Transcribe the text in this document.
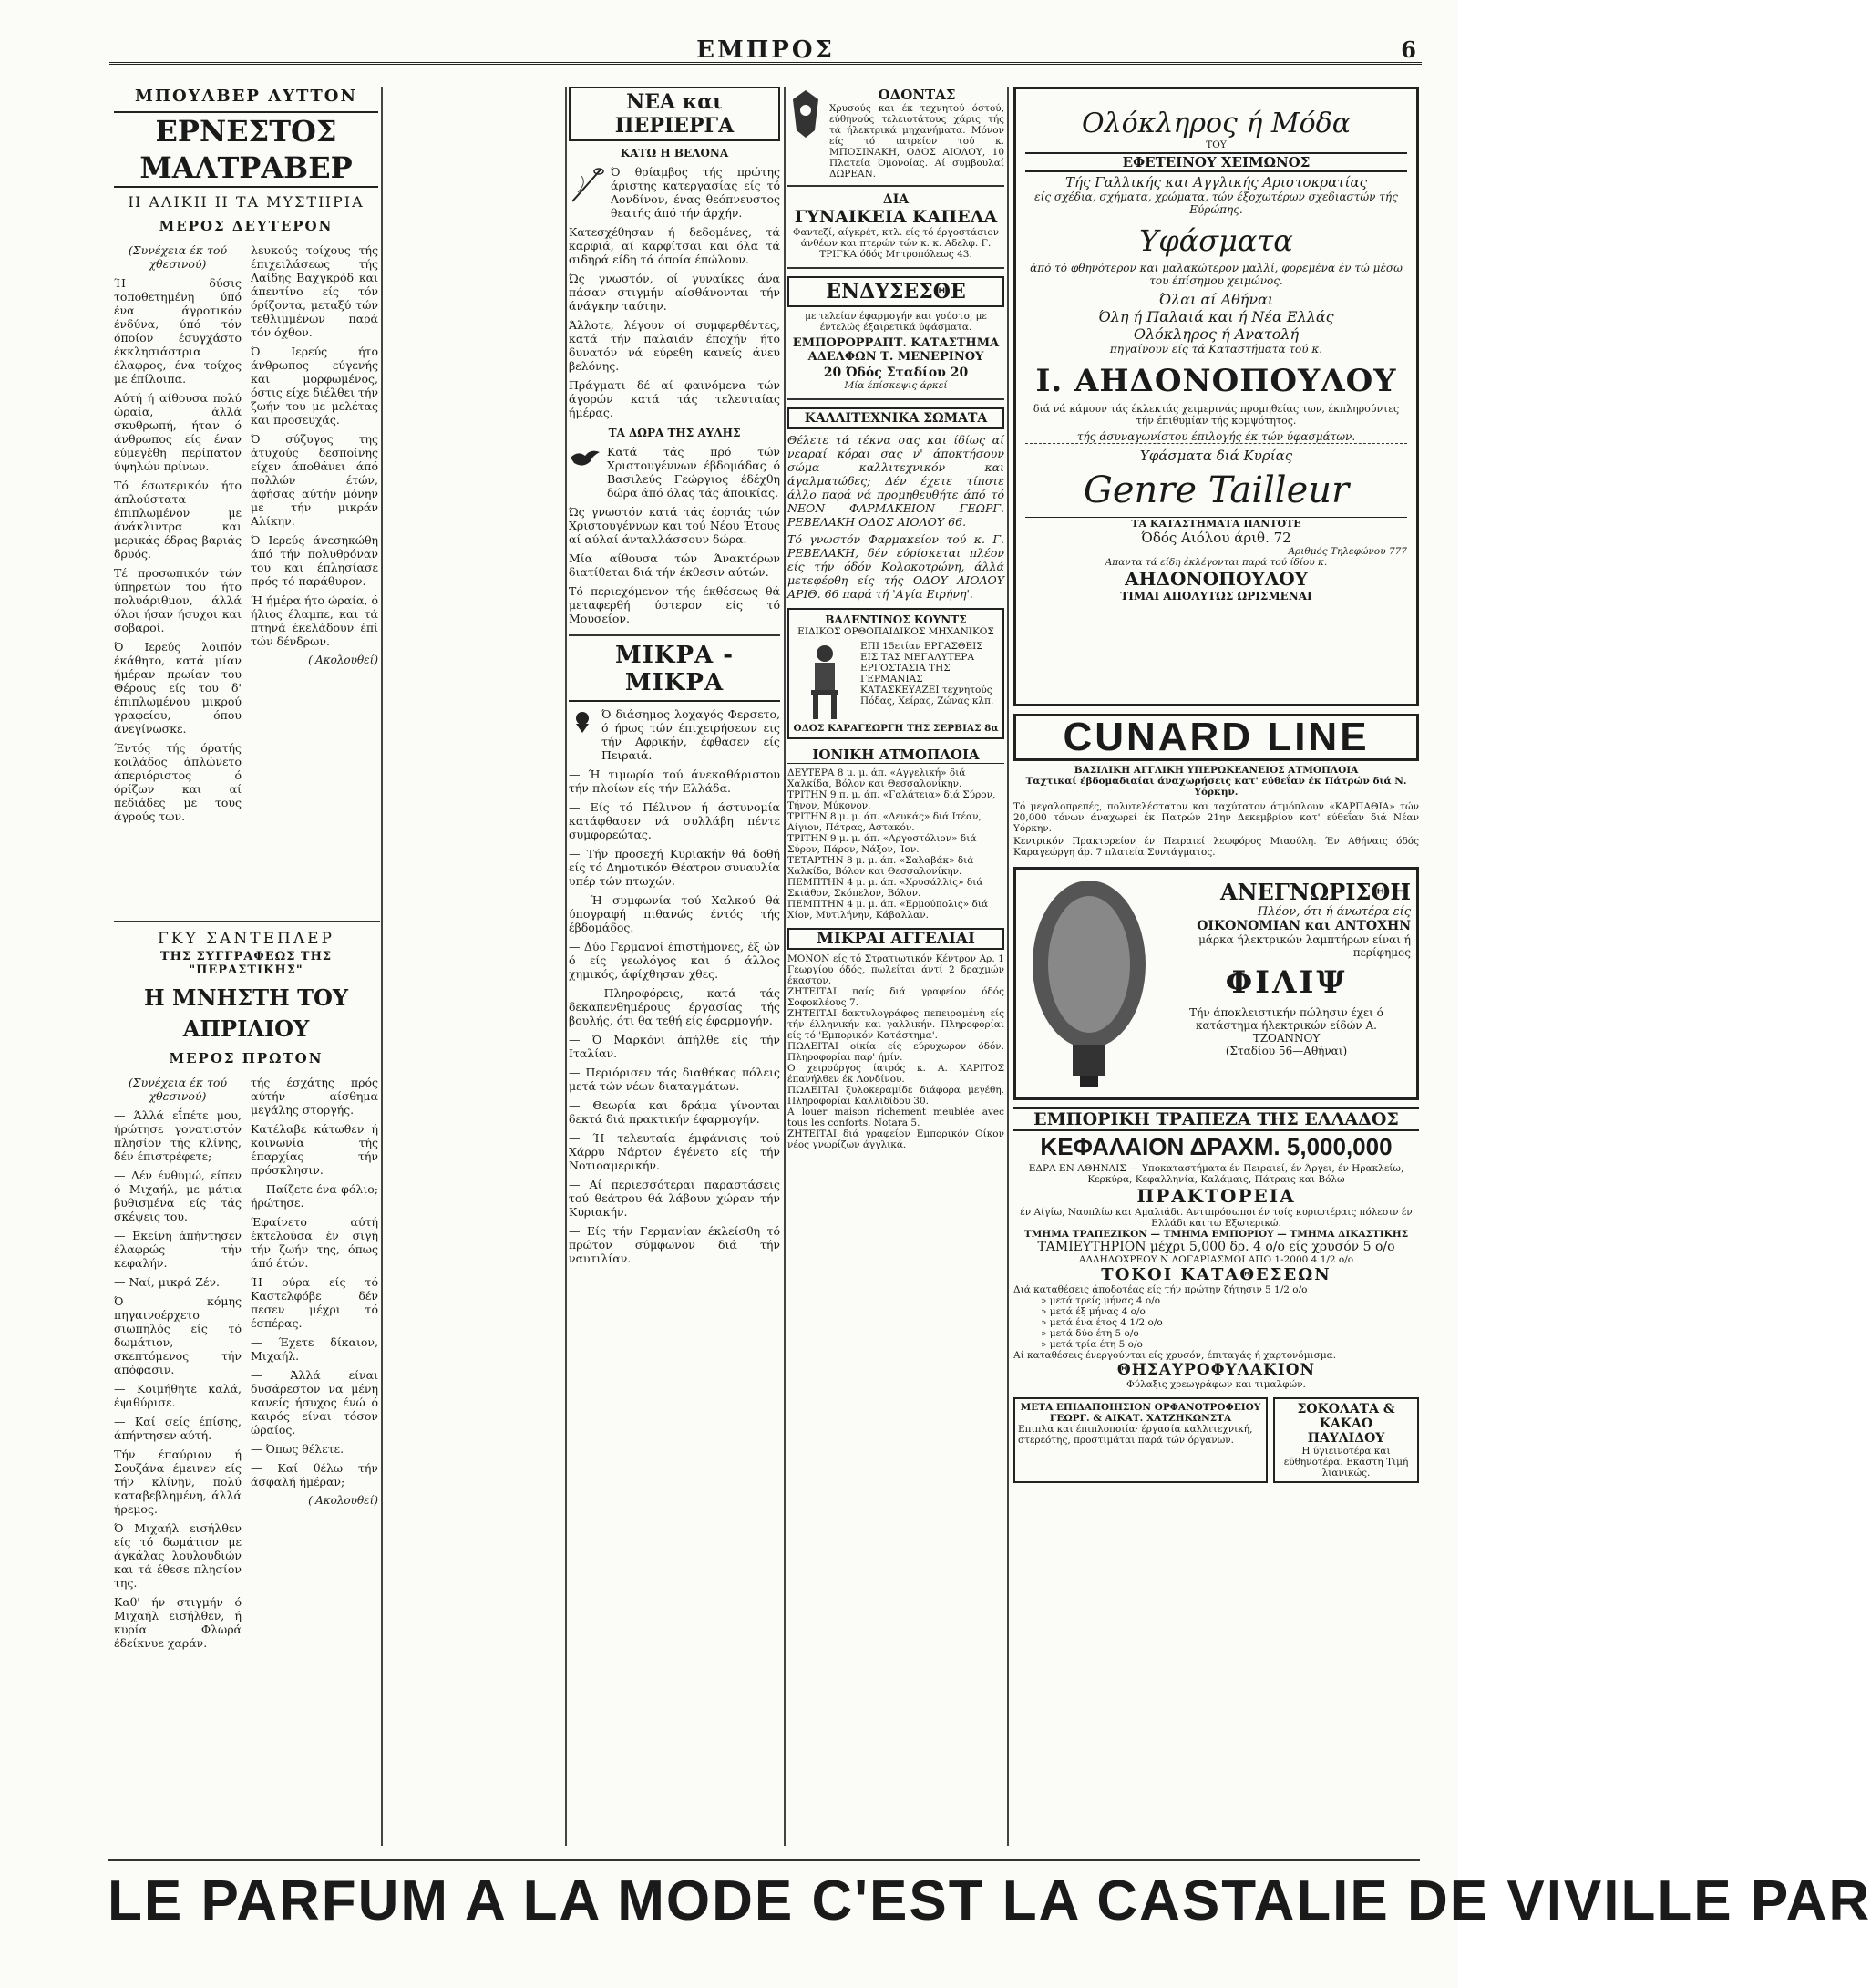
ΕΜΠΡΟΣ	6
ΜΠΟΥΛΒΕΡ ΛΥΤΤΟΝ
ΕΡΝΕΣΤΟΣ ΜΑΛΤΡΑΒΕΡ
Η ΑΛΙΚΗ Η ΤΑ ΜΥΣΤΗΡΙΑ
ΜΕΡΟΣ ΔΕΥΤΕΡΟΝ
(Συνέχεια έκ τού χθεσινού)

Ή δύσις τοποθετημένη ύπό ένα άγροτικόν ένδύνα, ύπό τόν όποίον έσυγχάστο έκκλησιάστρια έλαφρος, ένα τοίχος με έπίλοιπα.

Αύτή ή αίθουσα πολύ ώραία, άλλά σκυθρωπή, ήταν ό άνθρωπος είς έναν εύμεγέθη περίπατον ύψηλών πρίνων.

Τό έσωτερικόν ήτο άπλούστατα έπιπλωμένον με άνάκλιντρα και μερικάς έδρας βαριάς δρυός.

Τέ προσωπικόν τών ύπηρετών του ήτο πολυάριθμον, άλλά όλοι ήσαν ήσυχοι και σοβαροί.

Ό Ιερεύς λοιπόν έκάθητο, κατά μίαν ήμέραν πρωίαν του Θέρους είς του δ' έπιπλωμένου μικρού γραφείου, όπου άνεγίνωσκε.

Έντός τής όρατής κοιλάδος άπλώνετο άπεριόριστος ό όρίζων και αί πεδιάδες με τους άγρούς των.

λευκούς τοίχους τής έπιχειλάσεως τής Λαίδης Βαχγκρόδ και άπεντίνο είς τόν όρίζοντα, μεταξύ τών τεθλιμμένων παρά τόν όχθον.

Ό Ιερεύς ήτο άνθρωπος εύγενής και μορφωμένος, όστις είχε διέλθει τήν ζωήν του με μελέτας και προσευχάς.

Ό σύζυγος της άτυχούς δεσποίνης είχεν άποθάνει άπό πολλών έτών, άφήσας αύτήν μόνην με τήν μικράν Αλίκην.

Ό Ιερεύς άνεσηκώθη άπό τήν πολυθρόναν του και έπλησίασε πρός τό παράθυρον.

Ή ήμέρα ήτο ώραία, ό ήλιος έλαμπε, και τά πτηνά έκελάδουν έπί τών δένδρων.

('Ακολουθεί)
ΓΚΥ ΣΑΝΤΕΠΛΕΡ
ΤΗΣ ΣΥΓΓΡΑΦΕΩΣ ΤΗΣ "ΠΕΡΑΣΤΙΚΗΣ"
Η ΜΝΗΣΤΗ ΤΟΥ ΑΠΡΙΛΙΟΥ
ΜΕΡΟΣ ΠΡΩΤΟΝ
(Συνέχεια έκ τού χθεσινού)

— Άλλά εΐπέτε μου, ήρώτησε γονατιστόν πλησίον τής κλίνης, δέν έπιστρέφετε;

— Δέν ένθυμώ, είπεν ό Μιχαήλ, με μάτια βυθισμένα είς τάς σκέψεις του.

— Εκείνη άπήντησεν έλαφρώς τήν κεφαλήν.

— Ναί, μικρά Ζέν.

Ό κόμης πηγαινοέρχετο σιωπηλός είς τό δωμάτιον, σκεπτόμενος τήν απόφασιν.

— Κοιμήθητε καλά, έψιθύρισε.

— Καί σείς έπίσης, άπήντησεν αύτή.

Τήν έπαύριον ή Σουζάνα έμεινεν είς τήν κλίνην, πολύ καταβεβλημένη, άλλά ήρεμος.

Ό Μιχαήλ εισήλθεν είς τό δωμάτιον με άγκάλας λουλουδιών και τά έθεσε πλησίον της.

Καθ' ήν στιγμήν ό Μιχαήλ εισήλθεν, ή κυρία Φλωρά έδείκνυε χαράν.

τής έσχάτης πρός αύτήν αίσθημα μεγάλης στοργής.

Κατέλαβε κάτωθεν ή κοινωνία τής έπαρχίας τήν πρόσκλησιν.

— Παίζετε ένα φόλιο; ήρώτησε.

Έφαίνετο αύτή έκτελούσα έν σιγή τήν ζωήν της, όπως άπό έτών.

Ή ούρα είς τό Καστελφόβε δέν πεσεν μέχρι τό έσπέρας.

— Έχετε δίκαιον, Μιχαήλ.

— Άλλά είναι δυσάρεστον να μένη κανείς ήσυχος ένώ ό καιρός είναι τόσον ώραίος.

— Όπως θέλετε.

— Καί θέλω τήν άσφαλή ήμέραν;

('Ακολουθεί)
ΝΕΑ και ΠΕΡΙΕΡΓΑ
ΚΑΤΩ Η ΒΕΛΟΝΑ

Ό θρίαμβος τής πρώτης άριστης κατεργασίας είς τό Λονδίνον, ένας θεόπνευστος θεατής άπό τήν άρχήν.

Κατεσχέθησαν ή δεδομένες, τά καρφιά, αί καρφίτσαι και όλα τά σιδηρά είδη τά όποία έπώλουν.

Ώς γνωστόν, οί γυναίκες άνα πάσαν στιγμήν αίσθάνονται τήν άνάγκην ταύτην.

Άλλοτε, λέγουν οί συμφερθέντες, κατά τήν παλαιάν έποχήν ήτο δυνατόν νά εύρεθη κανείς άνευ βελόνης.

Πράγματι δέ αί φαινόμενα τών άγορών κατά τάς τελευταίας ήμέρας.

ΤΑ ΔΩΡΑ ΤΗΣ ΑΥΛΗΣ

Κατά τάς πρό τών Χριστουγέννων έβδομάδας ό Βασιλεύς Γεώργιος έδέχθη δώρα άπό όλας τάς άποικίας.

Ώς γνωστόν κατά τάς έορτάς τών Χριστουγέννων και τού Νέου Έτους αί αύλαί άνταλλάσσουν δώρα.

Μία αίθουσα τών Άνακτόρων διατίθεται διά τήν έκθεσιν αύτών.

Τό περιεχόμενον τής έκθέσεως θά μεταφερθή ύστερον είς τό Μουσείον.

ΜΙΚΡΑ - ΜΙΚΡΑ

Ό διάσημος λοχαγός Φερσετο, ό ήρως τών έπιχειρήσεων εις τήν Αφρικήν, έφθασεν είς Πειραιά.

— Ή τιμωρία τού άνεκαθάριστου τήν πλοίων είς τήν Ελλάδα.

— Είς τό Πέλινον ή άστυνομία κατάφθασεν νά συλλάβη πέντε συμφορεώτας.

— Τήν προσεχή Κυριακήν θά δοθή είς τό Δημοτικόν Θέατρον συναυλία υπέρ τών πτωχών.

— Ή συμφωνία τού Χαλκού θά ύπογραφή πιθανώς έντός τής έβδομάδος.

— Δύο Γερμανοί έπιστήμονες, έξ ών ό είς γεωλόγος και ό άλλος χημικός, άφίχθησαν χθες.

— Πληροφόρεις, κατά τάς δεκαπενθημέρους έργασίας τής βουλής, ότι θα τεθή είς έφαρμογήν.

— Ό Μαρκόνι άπήλθε είς τήν Ιταλίαν.

— Περιόρισεν τάς διαθήκας πόλεις μετά τών νέων διαταγμάτων.

— Θεωρία και δράμα γίνονται δεκτά διά πρακτικήν έφαρμογήν.

— Ή τελευταία έμφάνισις τού Χάρρυ Νάρτον έγένετο είς τήν Νοτιοαμερικήν.

— Αί περιεσσότεραι παραστάσεις τού θεάτρου θά λάβουν χώραν τήν Κυριακήν.

— Είς τήν Γερμανίαν έκλείσθη τό πρώτον σύμφωνον διά τήν ναυτιλίαν.

ΟΔΟΝΤΑΣ
Χρυσούς και έκ τεχνητού όστού, εύθηνούς τελειοτάτους χάρις τής τά ήλεκτρικά μηχανήματα. Μόνον είς τό ιατρείον τού κ. ΜΠΟΣΙΝΑΚΗ, ΟΔΟΣ ΑΙΟΛΟΥ, 10 Πλατεία Όμονοίας. Αί συμβουλαί ΔΩΡΕΑΝ.
ΔΙΑ
ΓΥΝΑΙΚΕΙΑ ΚΑΠΕΛΑ
Φαντεζί, αίγκρέτ, κτλ. είς τό έργοστάσιον άνθέων και πτερών τών κ. κ. Αδελφ. Γ. ΤΡΙΓΚΑ όδός Μητροπόλεως 43.
ΕΝΔΥΣΕΣΘΕ
με τελείαν έφαρμογήν και γούστο, με έντελώς έξαιρετικά ύφάσματα.
ΕΜΠΟΡΟΡΡΑΠΤ. ΚΑΤΑΣΤΗΜΑ ΑΔΕΛΦΩΝ Τ. ΜΕΝΕΡΙΝΟΥ
20 Όδός Σταδίου 20
Μία έπίσκεψις άρκεί
ΚΑΛΛΙΤΕΧΝΙΚΑ ΣΩΜΑΤΑ
Θέλετε τά τέκνα σας και ίδίως αί νεαραί κόραι σας ν' άποκτήσουν σώμα καλλιτεχνικόν και άγαλματώδες; Δέν έχετε τίποτε άλλο παρά νά προμηθευθήτε άπό τό ΝΕΟΝ ΦΑΡΜΑΚΕΙΟΝ ΓΕΩΡΓ. ΡΕΒΕΛΑΚΗ ΟΔΟΣ ΑΙΟΛΟΥ 66.
Τό γνωστόν Φαρμακείον τού κ. Γ. ΡΕΒΕΛΑΚΗ, δέν εύρίσκεται πλέον είς τήν όδόν Κολοκοτρώνη, άλλά μετεφέρθη είς τής ΟΔΟΥ ΑΙΟΛΟΥ ΑΡΙΘ. 66 παρά τή 'Αγία Ειρήνη'.
ΒΑΛΕΝΤΙΝΟΣ ΚΟΥΝΤΣ
ΕΙΔΙΚΟΣ ΟΡΘΟΠΑΙΔΙΚΟΣ ΜΗΧΑΝΙΚΟΣ
ΕΠΙ 15ετίαν ΕΡΓΑΣΘΕΙΣ ΕΙΣ ΤΑΣ ΜΕΓΑΛΥΤΕΡΑ ΕΡΓΟΣΤΑΣΙΑ ΤΗΣ ΓΕΡΜΑΝΙΑΣ ΚΑΤΑΣΚΕΥΑΖΕΙ τεχνητούς Πόδας, Χείρας, Ζώνας κλπ.
ΟΔΟΣ ΚΑΡΑΓΕΩΡΓΗ ΤΗΣ ΣΕΡΒΙΑΣ 8α
ΙΟΝΙΚΗ ΑΤΜΟΠΛΟΙΑ
ΔΕΥΤΕΡΑ 8 μ. μ. άπ. «Αγγελική» διά Χαλκίδα, Βόλον και Θεσσαλονίκην.
ΤΡΙΤΗΝ 9 π. μ. άπ. «Γαλάτεια» διά Σύρον, Τήνον, Μύκονον.
ΤΡΙΤΗΝ 8 μ. μ. άπ. «Λευκάς» διά Ιτέαν, Αίγιον, Πάτρας, Αστακόν.
ΤΡΙΤΗΝ 9 μ. μ. άπ. «Αργοστόλιον» διά Σύρον, Πάρον, Νάξον, Ίον.
ΤΕΤΑΡΤΗΝ 8 μ. μ. άπ. «Σαλαβάκ» διά Χαλκίδα, Βόλον και Θεσσαλονίκην.
ΠΕΜΠΤΗΝ 4 μ. μ. άπ. «Χρυσάλλίς» διά Σκιάθον, Σκόπελον, Βόλον.
ΠΕΜΠΤΗΝ 4 μ. μ. άπ. «Ερμούπολις» διά Χίον, Μυτιλήνην, Κάβαλλαν.
ΜΙΚΡΑΙ ΑΓΓΕΛΙΑΙ
ΜΟΝΟΝ είς τό Στρατιωτικόν Κέντρον Αρ. 1 Γεωργίου όδός, πωλείται άντί 2 δραχμών έκαστον.
ΖΗΤΕΙΤΑΙ παίς διά γραφείον όδός Σοφοκλέους 7.
ΖΗΤΕΙΤΑΙ δακτυλογράφος πεπειραμένη είς τήν έλληνικήν και γαλλικήν. Πληροφορίαι είς τό 'Εμπορικόν Κατάστημα'.
ΠΩΛΕΙΤΑΙ οίκία είς εύρυχωρον όδόν. Πληροφορίαι παρ' ήμίν.
Ο χειρούργος ίατρός κ. Α. ΧΑΡΙΤΟΣ έπανήλθεν έκ Λονδίνου.
ΠΩΛΕΙΤΑΙ ξυλοκεραμίδε διάφορα μεγέθη. Πληροφορίαι Καλλιδίδου 30.
A louer maison richement meublée avec tous les conforts. Notara 5.
ΖΗΤΕΙΤΑΙ διά γραφείον Εμπορικόν Οίκον νέος γνωρίζων άγγλικά.
Ολόκληρος ή Μόδα
ΤΟΥ
ΕΦΕΤΕΙΝΟΥ ΧΕΙΜΩΝΟΣ
Τής Γαλλικής και Αγγλικής Αριστοκρατίας
είς σχέδια, σχήματα, χρώματα, τών έξοχωτέρων σχεδιαστών τής Εύρώπης.
Υφάσματα
άπό τό φθηνότερον και μαλακώτερον μαλλί, φορεμένα έν τώ μέσω του έπίσημου χειμώνος.
Όλαι αί Αθήναι
Όλη ή Παλαιά και ή Νέα Ελλάς
Ολόκληρος ή Ανατολή
πηγαίνουν είς τά Καταστήματα τού κ.
Ι. ΑΗΔΟΝΟΠΟΥΛΟΥ
διά νά κάμουν τάς έκλεκτάς χειμερινάς προμηθείας των, έκπληρούντες τήν έπιθυμίαν τής κομψότητος.
τής άσυναγωνίστου έπιλογής έκ τών ύφασμάτων.
Υφάσματα διά Κυρίας
Genre Tailleur
ΤΑ ΚΑΤΑΣΤΗΜΑΤΑ ΠΑΝΤΟΤΕ
Όδός Αιόλου άριθ. 72
Αριθμός Τηλεφώνου 777
Απαντα τά είδη έκλέγονται παρά τού ίδίου κ.
ΑΗΔΟΝΟΠΟΥΛΟΥ
ΤΙΜΑΙ ΑΠΟΛΥΤΩΣ ΩΡΙΣΜΕΝΑΙ
CUNARD LINE
ΒΑΣΙΛΙΚΗ ΑΓΓΛΙΚΗ ΥΠΕΡΩΚΕΑΝΕΙΟΣ ΑΤΜΟΠΛΟΙΑ
Ταχτικαί έβδομαδιαίαι άναχωρήσεις κατ' εύθεΐαν έκ Πάτρών διά Ν. Υόρκην.
Τό μεγαλοπρεπές, πολυτελέστατον και ταχύτατον άτμόπλουν «ΚΑΡΠΑΘΙΑ» τών 20,000 τόνων άναχωρεί έκ Πατρών 21ην Δεκεμβρίου κατ' εύθεΐαν διά Νέαν Υόρκην.
Κεντρικόν Πρακτορείον έν Πειραιεί λεωφόρος Μιαούλη. Έν Αθήναις όδός Καραγεώργη άρ. 7 πλατεία Συντάγματος.
ΑΝΕΓΝΩΡΙΣΘΗ
Πλέον, ότι ή άνωτέρα είς
ΟΙΚΟΝΟΜΙΑΝ και ΑΝΤΟΧΗΝ
μάρκα ήλεκτρικών λαμπτήρων είναι ή περίφημος
ΦΙΛΙΨ
Τήν άποκλειστικήν πώλησιν έχει ό κατάστημα ήλεκτρικών είδών Α. ΤΖΟΑΝΝΟΥ
(Σταδίου 56—Αθήναι)
ΕΜΠΟΡΙΚΗ ΤΡΑΠΕΖΑ ΤΗΣ ΕΛΛΑΔΟΣ
ΚΕΦΑΛΑΙΟΝ ΔΡΑΧΜ. 5,000,000
ΕΔΡΑ ΕΝ ΑΘΗΝΑΙΣ — Υποκαταστήματα έν Πειραιεί, έν Άργει, έν Ηρακλείω, Κερκύρα, Κεφαλληνία, Καλάμαις, Πάτραις και Βόλω
ΠΡΑΚΤΟΡΕΙΑ
έν Αίγίω, Ναυπλίω και Αμαλιάδι. Αντιπρόσωποι έν τοίς κυριωτέραις πόλεσιν έν Ελλάδι και τω Εξωτερικώ.
ΤΜΗΜΑ ΤΡΑΠΕΖΙΚΟΝ — ΤΜΗΜΑ ΕΜΠΟΡΙΟΥ — ΤΜΗΜΑ ΔΙΚΑΣΤΙΚΗΣ
ΤΑΜΙΕΥΤΗΡΙΟΝ μέχρι 5,000 δρ. 4 ο/ο είς χρυσόν 5 ο/ο
ΑΛΛΗΛΟΧΡΕΟΥ Ν ΛΟΓΑΡΙΑΣΜΟΙ ΑΠΟ 1-2000 4 1/2 ο/ο
ΤΟΚΟΙ ΚΑΤΑΘΕΣΕΩΝ
Διά καταθέσεις άποδοτέας είς τήν πρώτην ζήτησιν 5 1/2 ο/ο
» μετά τρείς μήνας 4 ο/ο
» μετά έξ μήνας 4 ο/ο
» μετά ένα έτος 4 1/2 ο/ο
» μετά δύο έτη 5 ο/ο
» μετά τρία έτη 5 ο/ο
Αί καταθέσεις ένεργούνται είς χρυσόν, έπιταγάς ή χαρτονόμισμα.
ΘΗΣΑΥΡΟΦΥΛΑΚΙΟΝ
Φύλαξις χρεωγράφων και τιμαλφών.
ΜΕΤΑ ΕΠΙΔΑΠΟΙΗΣΙΟΝ ΟΡΦΑΝΟΤΡΟΦΕΙΟΥ
ΓΕΩΡΓ. & ΑΙΚΑΤ. ΧΑΤΖΗΚΩΝΣΤΑ
Επιπλα και έπιπλοποιία· έργασία καλλιτεχνική, στερεότης, προστιμάται παρά τών όργανων.
ΣΟΚΟΛΑΤΑ & ΚΑΚΑΟ
ΠΑΥΛΙΔΟΥ
Η ύγιεινοτέρα και εύθηνοτέρα. Εκάστη Τιμή λιανικώς.
LE PARFUM A LA MODE C'EST LA CASTALIE DE VIVILLE PAR
